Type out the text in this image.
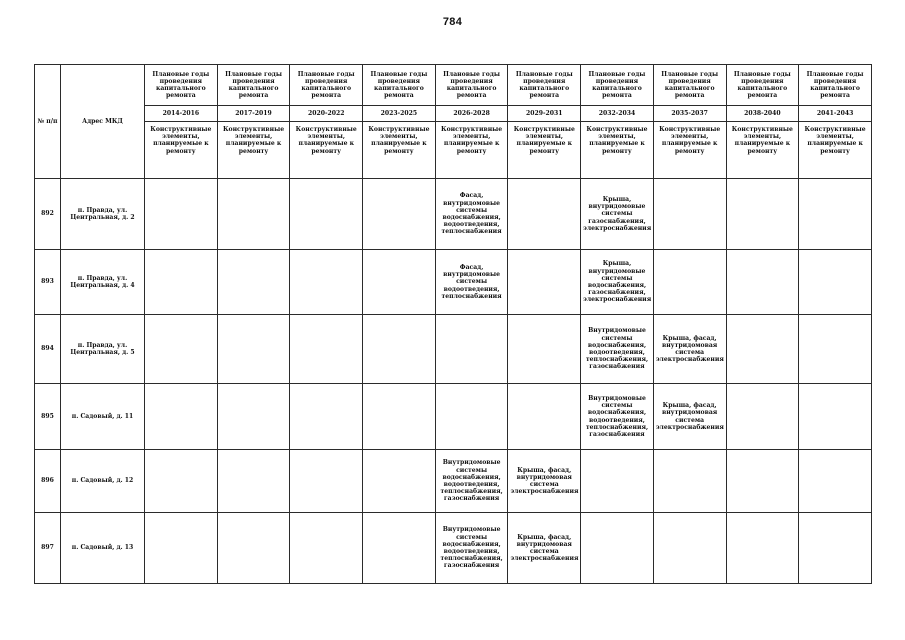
784
№ п/п	Адрес МКД	Плановые годы проведения капитального ремонта	Плановые годы проведения капитального ремонта	Плановые годы проведения капитального ремонта	Плановые годы проведения капитального ремонта	Плановые годы проведения капитального ремонта	Плановые годы проведения капитального ремонта	Плановые годы проведения капитального ремонта	Плановые годы проведения капитального ремонта	Плановые годы проведения капитального ремонта	Плановые годы проведения капитального ремонта
		2014-2016	2017-2019	2020-2022	2023-2025	2026-2028	2029-2031	2032-2034	2035-2037	2038-2040	2041-2043
		Конструктивные элементы, планируемые к ремонту	Конструктивные элементы, планируемые к ремонту	Конструктивные элементы, планируемые к ремонту	Конструктивные элементы, планируемые к ремонту	Конструктивные элементы, планируемые к ремонту	Конструктивные элементы, планируемые к ремонту	Конструктивные элементы, планируемые к ремонту	Конструктивные элементы, планируемые к ремонту	Конструктивные элементы, планируемые к ремонту	Конструктивные элементы, планируемые к ремонту
892	п. Правда, ул. Центральная, д. 2					Фасад, внутридомовые системы водоснабжения, водоотведения, теплоснабжения		Крыша, внутридомовые системы газоснабжения, электроснабжения			
893	п. Правда, ул. Центральная, д. 4					Фасад, внутридомовые системы водоотведения, теплоснабжения		Крыша, внутридомовые системы водоснабжения, газоснабжения, электроснабжения			
894	п. Правда, ул. Центральная, д. 5							Внутридомовые системы водоснабжения, водоотведения, теплоснабжения, газоснабжения	Крыша, фасад, внутридомовая система электроснабжения		
895	п. Садовый, д. 11							Внутридомовые системы водоснабжения, водоотведения, теплоснабжения, газоснабжения	Крыша, фасад, внутридомовая система электроснабжения		
896	п. Садовый, д. 12					Внутридомовые системы водоснабжения, водоотведения, теплоснабжения, газоснабжения	Крыша, фасад, внутридомовая система электроснабжения				
897	п. Садовый, д. 13					Внутридомовые системы водоснабжения, водоотведения, теплоснабжения, газоснабжения	Крыша, фасад, внутридомовая система электроснабжения				
